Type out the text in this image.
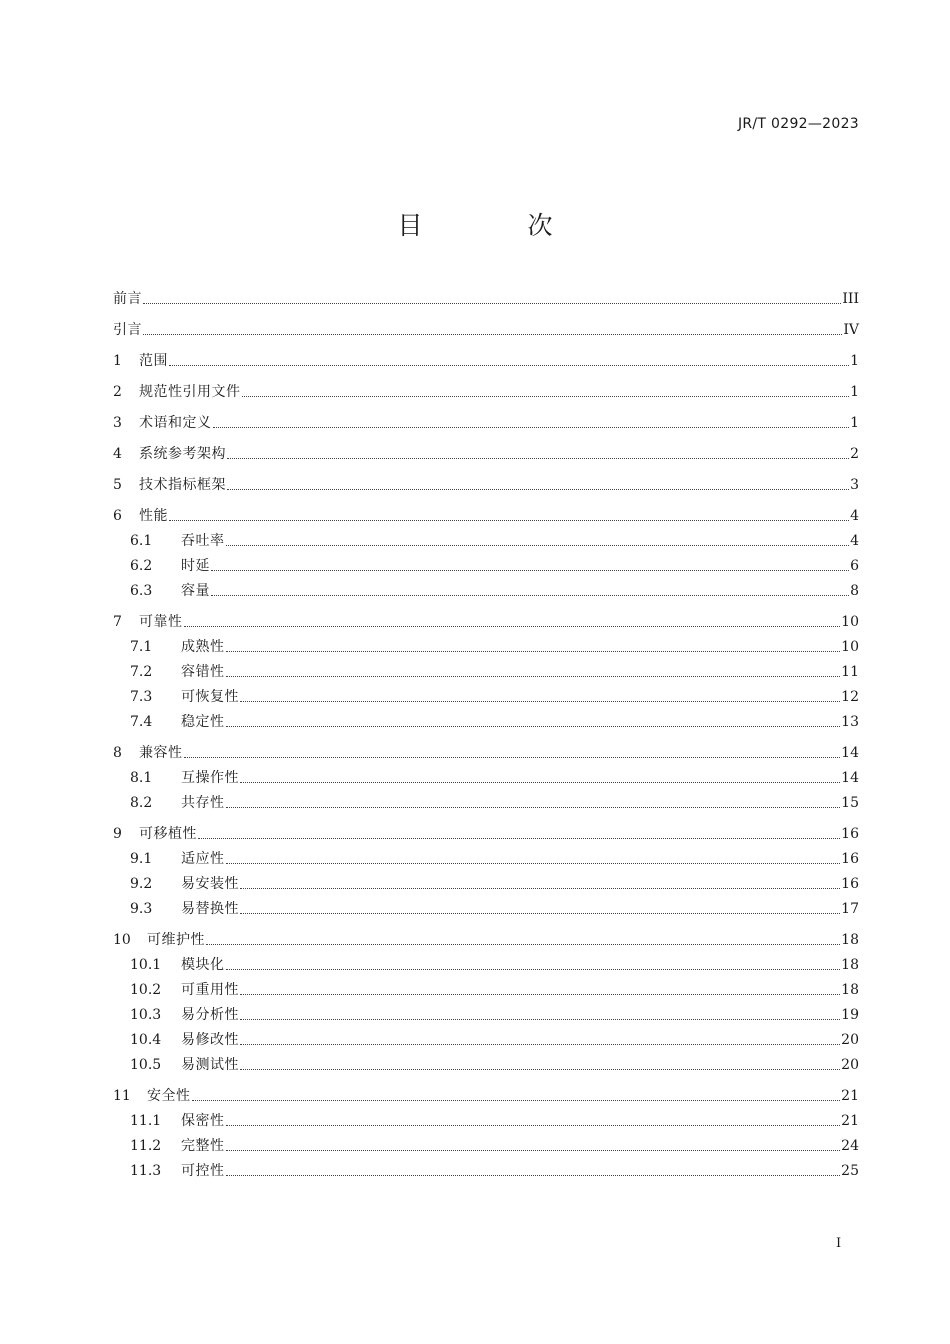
JR/T 0292—2023
目　次
前言	III
引言	IV
1	范围	1
2	规范性引用文件	1
3	术语和定义	1
4	系统参考架构	2
5	技术指标框架	3
6	性能	4
6.1	吞吐率	4
6.2	时延	6
6.3	容量	8
7	可靠性	10
7.1	成熟性	10
7.2	容错性	11
7.3	可恢复性	12
7.4	稳定性	13
8	兼容性	14
8.1	互操作性	14
8.2	共存性	15
9	可移植性	16
9.1	适应性	16
9.2	易安装性	16
9.3	易替换性	17
10	可维护性	18
10.1	模块化	18
10.2	可重用性	18
10.3	易分析性	19
10.4	易修改性	20
10.5	易测试性	20
11	安全性	21
11.1	保密性	21
11.2	完整性	24
11.3	可控性	25
I
